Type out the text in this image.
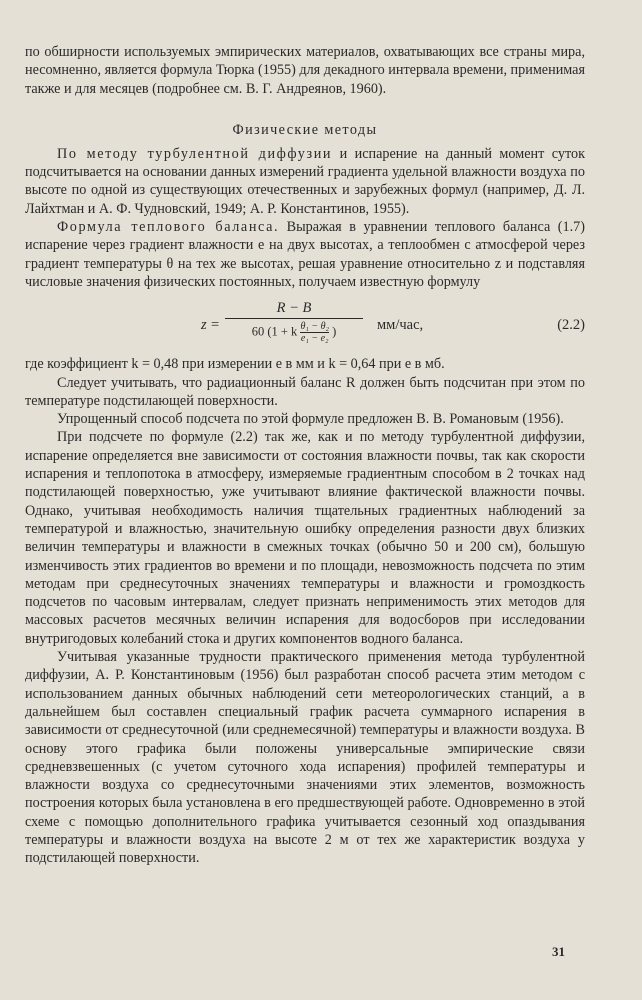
по обширности используемых эмпирических материалов, охватывающих все страны мира, несомненно, является формула Тюрка (1955) для декадного интервала времени, применимая также и для месяцев (подробнее см. В. Г. Андреянов, 1960).

Физические методы

По методу турбулентной диффузии и испарение на данный момент суток подсчитывается на основании данных измерений градиента удельной влажности воздуха по высоте по одной из существующих отечественных и зарубежных формул (например, Д. Л. Лайхтман и А. Ф. Чудновский, 1949; А. Р. Константинов, 1955).

Формула теплового баланса. Выражая в уравнении теплового баланса (1.7) испарение через градиент влажности e на двух высотах, а теплообмен с атмосферой через градиент температуры θ на тех же высотах, решая уравнение относительно z и подставляя числовые значения физических постоянных, получаем известную формулу

z =
R − B
60 (1 + k $\frac{\text{θ₁ − θ₂}}{\text{e₁ − e₂}}$ )	мм/час,	(2.2)

где коэффициент k = 0,48 при измерении e в мм и k = 0,64 при e в мб.

Следует учитывать, что радиационный баланс R должен быть подсчитан при этом по температуре подстилающей поверхности.

Упрощенный способ подсчета по этой формуле предложен В. В. Романовым (1956).

При подсчете по формуле (2.2) так же, как и по методу турбулентной диффузии, испарение определяется вне зависимости от состояния влажности почвы, так как скорости испарения и теплопотока в атмосферу, измеряемые градиентным способом в 2 точках над подстилающей поверхностью, уже учитывают влияние фактической влажности почвы. Однако, учитывая необходимость наличия тщательных градиентных наблюдений за температурой и влажностью, значительную ошибку определения разности двух близких величин температуры и влажности в смежных точках (обычно 50 и 200 см), большую изменчивость этих градиентов во времени и по площади, невозможность подсчета по этим методам при среднесуточных значениях температуры и влажности и громоздкость подсчетов по часовым интервалам, следует признать неприменимость этих методов для массовых расчетов месячных величин испарения для водосборов при исследовании внутригодовых колебаний стока и других компонентов водного баланса.

Учитывая указанные трудности практического применения метода турбулентной диффузии, А. Р. Константиновым (1956) был разработан способ расчета этим методом с использованием данных обычных наблюдений сети метеорологических станций, а в дальнейшем был составлен специальный график расчета суммарного испарения в зависимости от среднесуточной (или среднемесячной) температуры и влажности воздуха. В основу этого графика были положены универсальные эмпирические связи средневзвешенных (с учетом суточного хода испарения) профилей температуры и влажности воздуха со среднесуточными значениями этих элементов, возможность построения которых была установлена в его предшествующей работе. Одновременно в этой схеме с помощью дополнительного графика учитывается сезонный ход опаздывания температуры и влажности воздуха на высоте 2 м от тех же характеристик воздуха у подстилающей поверхности.

31
